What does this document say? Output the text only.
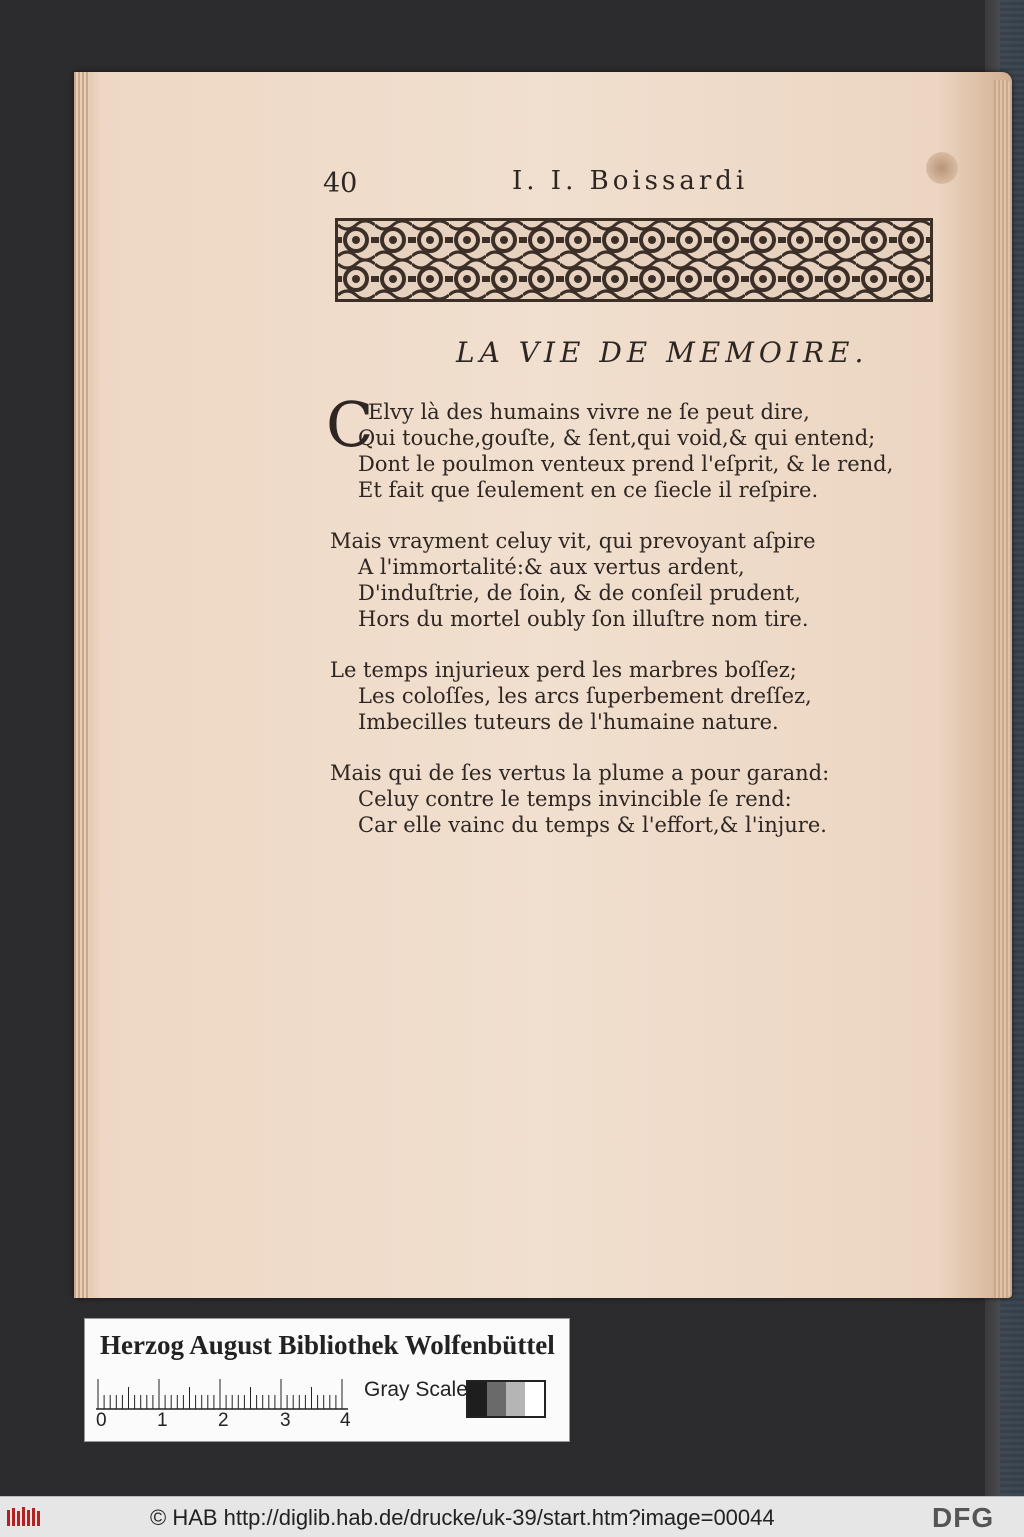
40	I. I. Boissardi
LA VIE DE MEMOIRE.
C
Elvy là des humains vivre ne ſe peut dire,
Qui touche,gouſte, & ſent,qui void,& qui entend;
Dont le poulmon venteux prend l'eſprit, & le rend,
Et fait que ſeulement en ce ſiecle il reſpire.
Mais vrayment celuy vit, qui prevoyant aſpire
A l'immortalité:& aux vertus ardent,
D'induſtrie, de ſoin, & de conſeil prudent,
Hors du mortel oubly ſon illuſtre nom tire.
Le temps injurieux perd les marbres boſſez;
Les coloſſes, les arcs ſuperbement dreſſez,
Imbecilles tuteurs de l'humaine nature.
Mais qui de ſes vertus la plume a pour garand:
Celuy contre le temps invincible ſe rend:
Car elle vainc du temps & l'effort,& l'injure.
Herzog August Bibliothek Wolfenbüttel
0	1	2	3	4
Gray Scale
© HAB http://diglib.hab.de/drucke/uk-39/start.htm?image=00044	DFG
